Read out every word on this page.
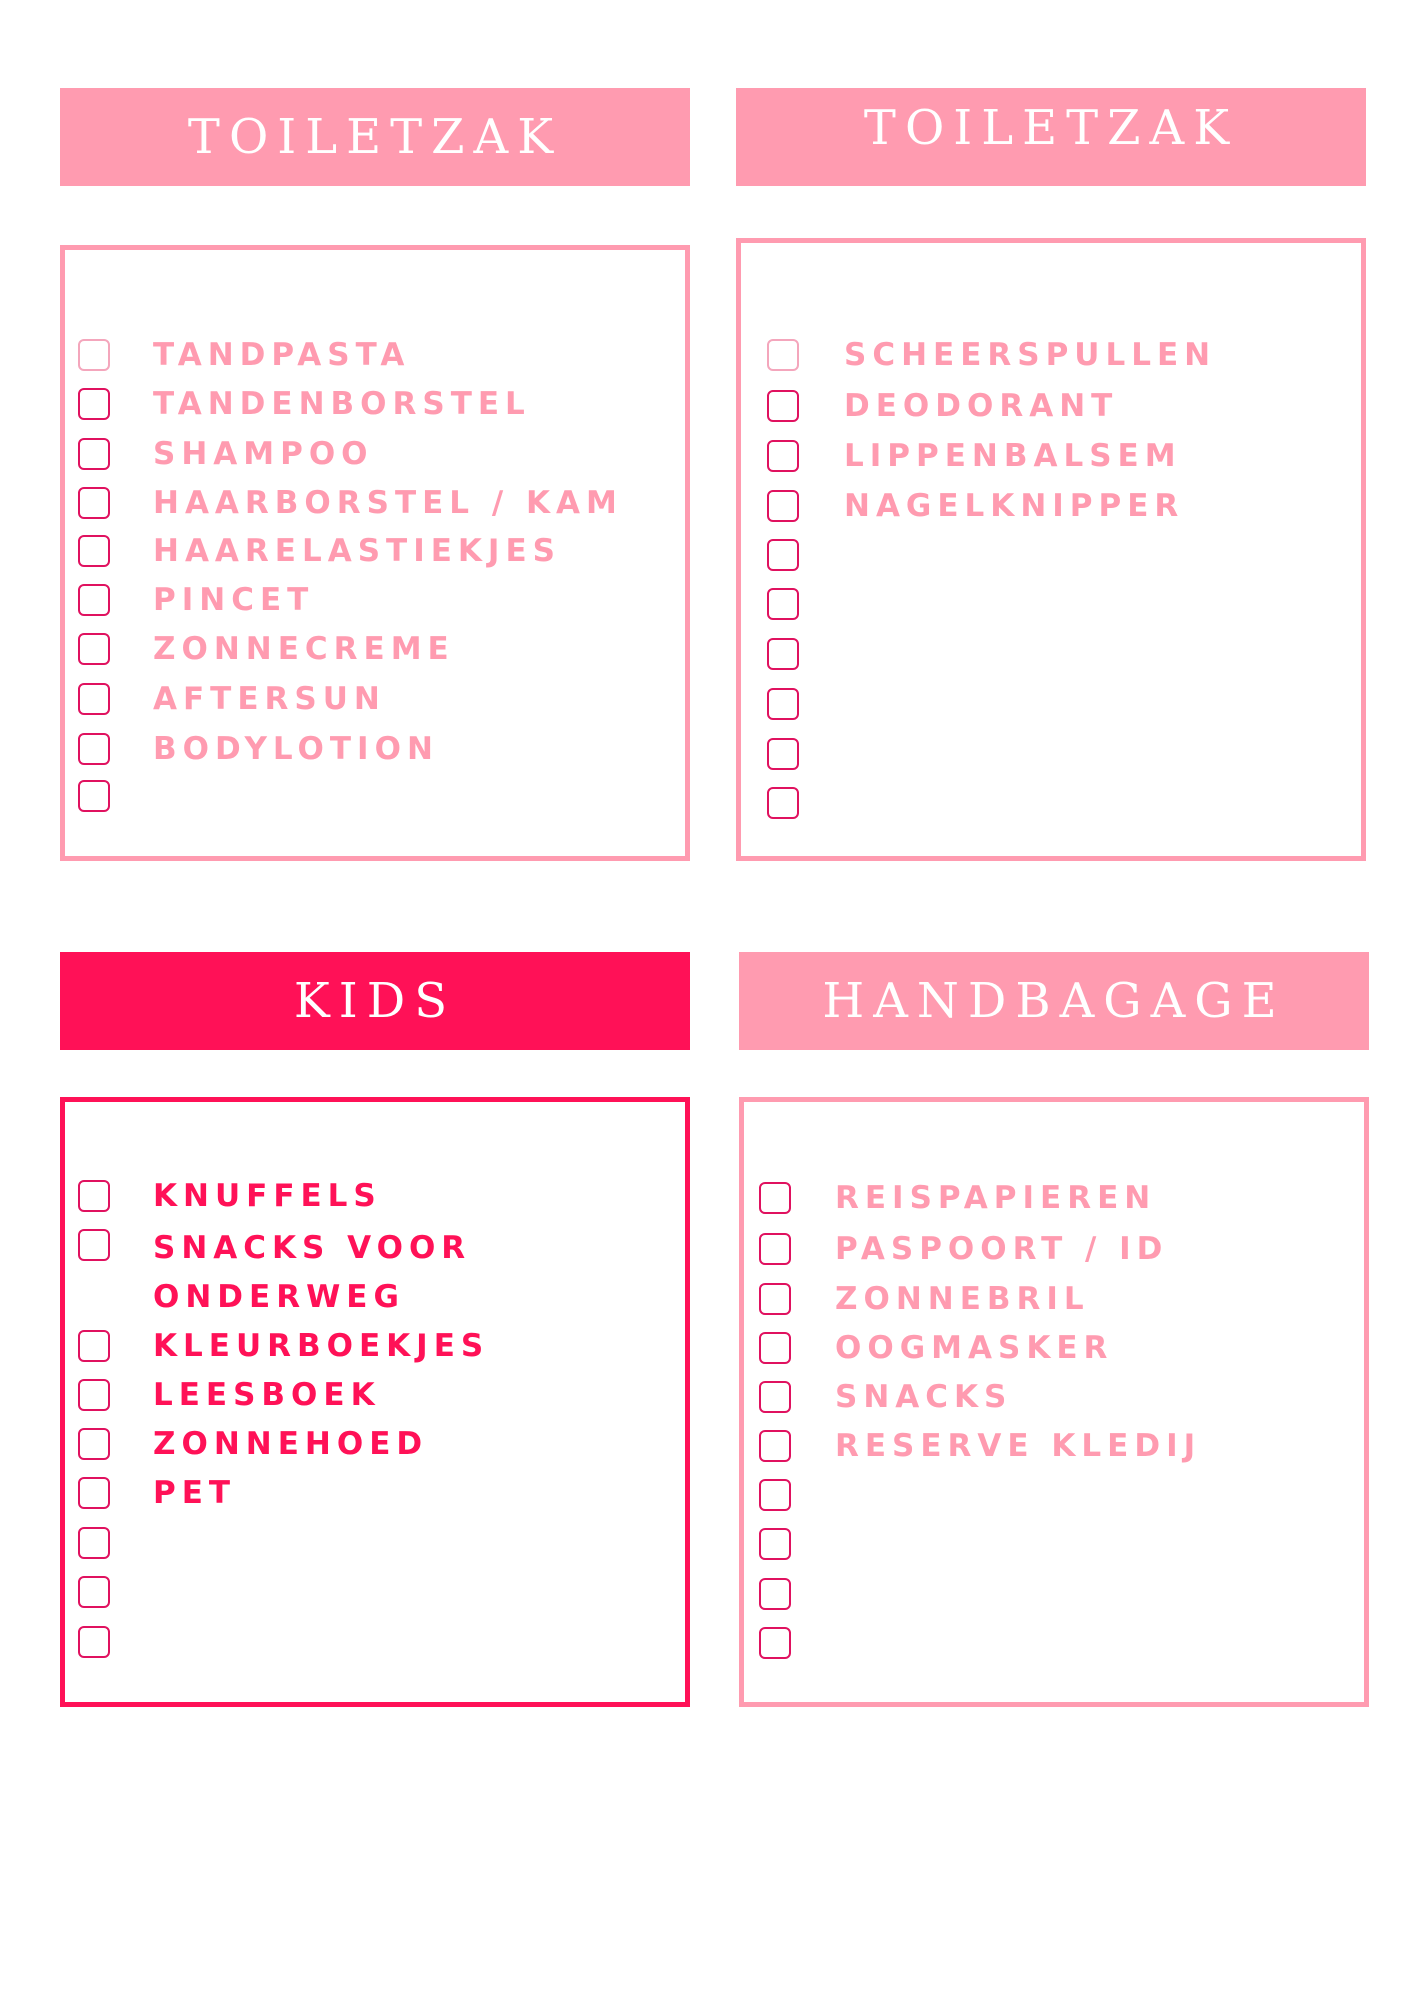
TOILETZAK
TANDPASTA
TANDENBORSTEL
SHAMPOO
HAARBORSTEL / KAM
HAARELASTIEKJES
PINCET
ZONNECREME
AFTERSUN
BODYLOTION
TOILETZAK
SCHEERSPULLEN
DEODORANT
LIPPENBALSEM
NAGELKNIPPER
KIDS
KNUFFELS
SNACKS VOOR
ONDERWEG
KLEURBOEKJES
LEESBOEK
ZONNEHOED
PET
HANDBAGAGE
REISPAPIEREN
PASPOORT / ID
ZONNEBRIL
OOGMASKER
SNACKS
RESERVE KLEDIJ
